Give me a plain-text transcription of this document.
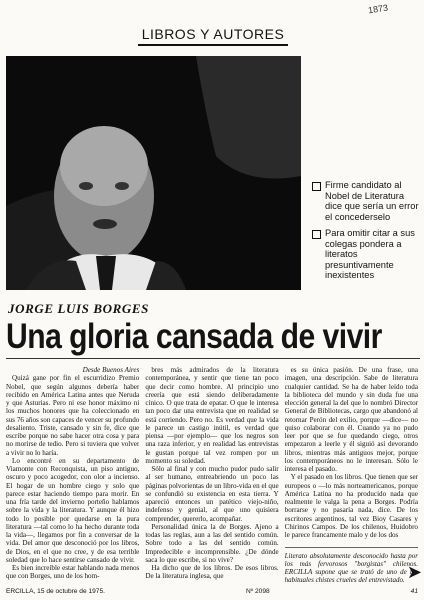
1873
LIBROS Y AUTORES
Firme candidato al Nobel de Literatura dice que sería un error el concederselo
Para omitir citar a sus colegas pondera a literatos presuntivamente inexistentes
JORGE LUIS BORGES
Una gloria cansada de vivir

Desde Buenos Aires

Quizá gane por fin el escurridizo Premio Nobel, que según algunos debería haber recibido en América Latina antes que Neruda y que Asturias. Pero ni ese honor máximo ni los muchos honores que ha coleccionado en sus 76 años son capaces de vencer su profundo desaliento. Triste, cansado y sin fe, dice que escribe porque no sabe hacer otra cosa y para no morirse de tedio. Pero si tuviera que volver a vivir no lo haría.

Lo encontré en su departamento de Viamonte con Reconquista, un piso antiguo, oscuro y poco acogedor, con olor a incienso. El hogar de un hombre ciego y solo que parece estar haciendo tiempo para morir. En una fría tarde del invierno porteño hablamos sobre la vida y la literatura. Y aunque él hizo todo lo posible por quedarse en la pura literatura —tal como lo ha hecho durante toda la vida—, llegamos por fin a conversar de la vida. Del amor que desconoció por los libros, de Dios, en el que no cree, y de esa terrible soledad que lo hace sentirse cansado de vivir.

Es bien increíble estar hablando nada menos que con Borges, uno de los hom-

bres más admirados de la literatura contemporánea, y sentir que tiene tan poco que decir como hombre. Al principio uno creería que está siendo deliberadamente cínico. O que trata de epatar. O que le interesa tan poco dar una entrevista que en realidad se está corriendo. Pero no. Es verdad que la vida le parece un castigo inútil, es verdad que piensa —por ejemplo— que los negros son una raza inferior, y en realidad las entrevistas le gustan porque tal vez rompen por un momento su soledad.

Sólo al final y con mucho pudor pudo salir al ser humano, entreabriendo un poco las páginas polvorientas de un libro-vida en el que se confundió su existencia en esta tierra. Y apareció entonces un patético viejo-niño, indefenso y genial, al que uno quisiera comprender, quererlo, acompañar.

Personalidad única la de Borges. Ajeno a todas las reglas, aun a las del sentido común. Sobre todo a las del sentido común. Impredecible e incomprensible. ¿De dónde saca lo que escribe, si no vive?

Ha dicho que de los libros. De esos libros. De la literatura inglesa, que

es su única pasión. De una frase, una imagen, una descripción. Sabe de literatura cualquier cantidad. Se ha de haber leído toda la biblioteca del mundo y sin duda fue una elección general la del que lo nombró Director General de Bibliotecas, cargo que abandonó al retornar Perón del exilio, porque —dice— no quiso colaborar con él. Cuando ya no pudo leer por que se fue quedando ciego, otros empezaron a leerle y él siguió así devorando libros, mientras más antiguos mejor, porque los contemporáneos no le interesan. Sólo le interesa el pasado.

Y el pasado en los libros. Que tienen que ser europeos o —lo más norteamericanos, porque América Latina no ha producido nada que realmente le valga la pena a Borges. Podría borrarse y no pasaría nada, dice. De los escritores argentinos, tal vez Bioy Casares y Chirinos Campos. De los chilenos, Huidobro le parece francamente malo y de los dos

Literato absolutamente desconocido hasta por los más fervorosos "borgistas" chilenos. ERCILLA supone que se trató de uno de los habituales chistes crueles del entrevistado. ➤
ERCILLA, 15 de octubre de 1975.	Nº 2098	41
